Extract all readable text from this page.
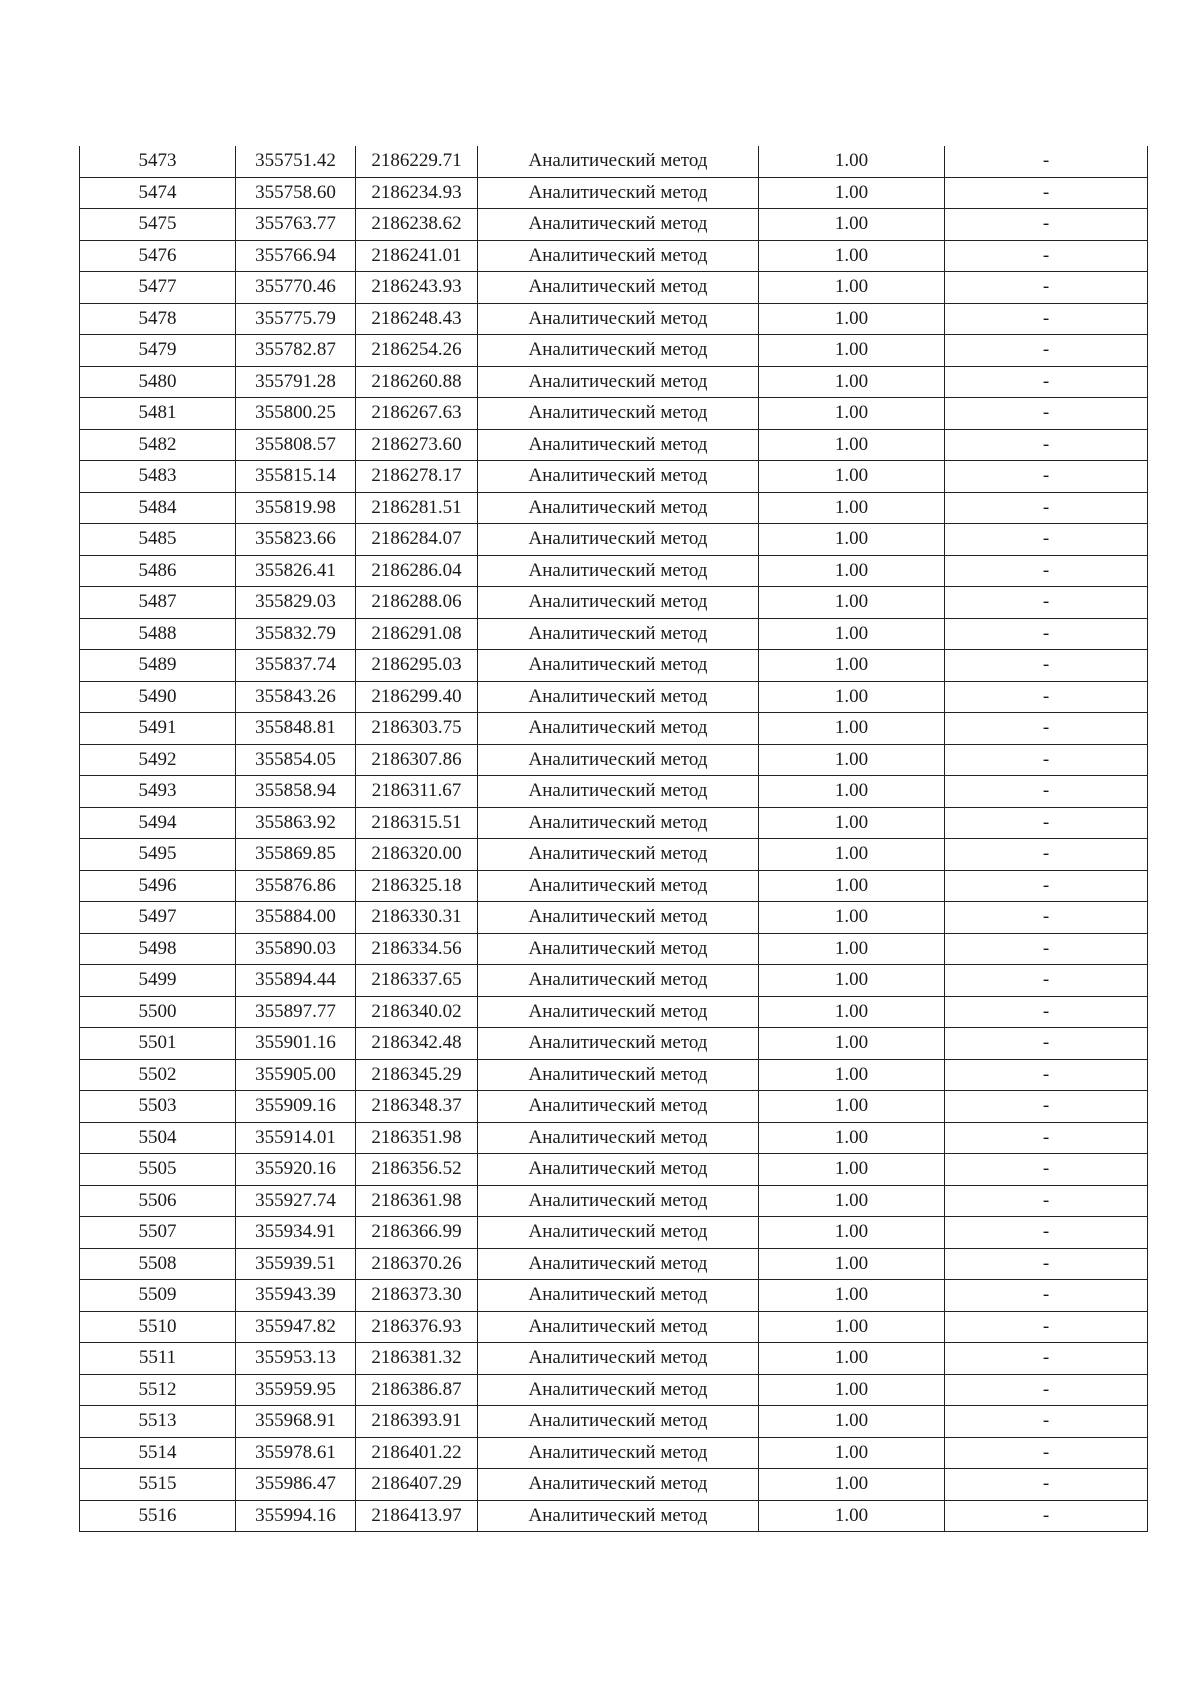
5473	355751.42	2186229.71	Аналитический метод	1.00	-
5474	355758.60	2186234.93	Аналитический метод	1.00	-
5475	355763.77	2186238.62	Аналитический метод	1.00	-
5476	355766.94	2186241.01	Аналитический метод	1.00	-
5477	355770.46	2186243.93	Аналитический метод	1.00	-
5478	355775.79	2186248.43	Аналитический метод	1.00	-
5479	355782.87	2186254.26	Аналитический метод	1.00	-
5480	355791.28	2186260.88	Аналитический метод	1.00	-
5481	355800.25	2186267.63	Аналитический метод	1.00	-
5482	355808.57	2186273.60	Аналитический метод	1.00	-
5483	355815.14	2186278.17	Аналитический метод	1.00	-
5484	355819.98	2186281.51	Аналитический метод	1.00	-
5485	355823.66	2186284.07	Аналитический метод	1.00	-
5486	355826.41	2186286.04	Аналитический метод	1.00	-
5487	355829.03	2186288.06	Аналитический метод	1.00	-
5488	355832.79	2186291.08	Аналитический метод	1.00	-
5489	355837.74	2186295.03	Аналитический метод	1.00	-
5490	355843.26	2186299.40	Аналитический метод	1.00	-
5491	355848.81	2186303.75	Аналитический метод	1.00	-
5492	355854.05	2186307.86	Аналитический метод	1.00	-
5493	355858.94	2186311.67	Аналитический метод	1.00	-
5494	355863.92	2186315.51	Аналитический метод	1.00	-
5495	355869.85	2186320.00	Аналитический метод	1.00	-
5496	355876.86	2186325.18	Аналитический метод	1.00	-
5497	355884.00	2186330.31	Аналитический метод	1.00	-
5498	355890.03	2186334.56	Аналитический метод	1.00	-
5499	355894.44	2186337.65	Аналитический метод	1.00	-
5500	355897.77	2186340.02	Аналитический метод	1.00	-
5501	355901.16	2186342.48	Аналитический метод	1.00	-
5502	355905.00	2186345.29	Аналитический метод	1.00	-
5503	355909.16	2186348.37	Аналитический метод	1.00	-
5504	355914.01	2186351.98	Аналитический метод	1.00	-
5505	355920.16	2186356.52	Аналитический метод	1.00	-
5506	355927.74	2186361.98	Аналитический метод	1.00	-
5507	355934.91	2186366.99	Аналитический метод	1.00	-
5508	355939.51	2186370.26	Аналитический метод	1.00	-
5509	355943.39	2186373.30	Аналитический метод	1.00	-
5510	355947.82	2186376.93	Аналитический метод	1.00	-
5511	355953.13	2186381.32	Аналитический метод	1.00	-
5512	355959.95	2186386.87	Аналитический метод	1.00	-
5513	355968.91	2186393.91	Аналитический метод	1.00	-
5514	355978.61	2186401.22	Аналитический метод	1.00	-
5515	355986.47	2186407.29	Аналитический метод	1.00	-
5516	355994.16	2186413.97	Аналитический метод	1.00	-
